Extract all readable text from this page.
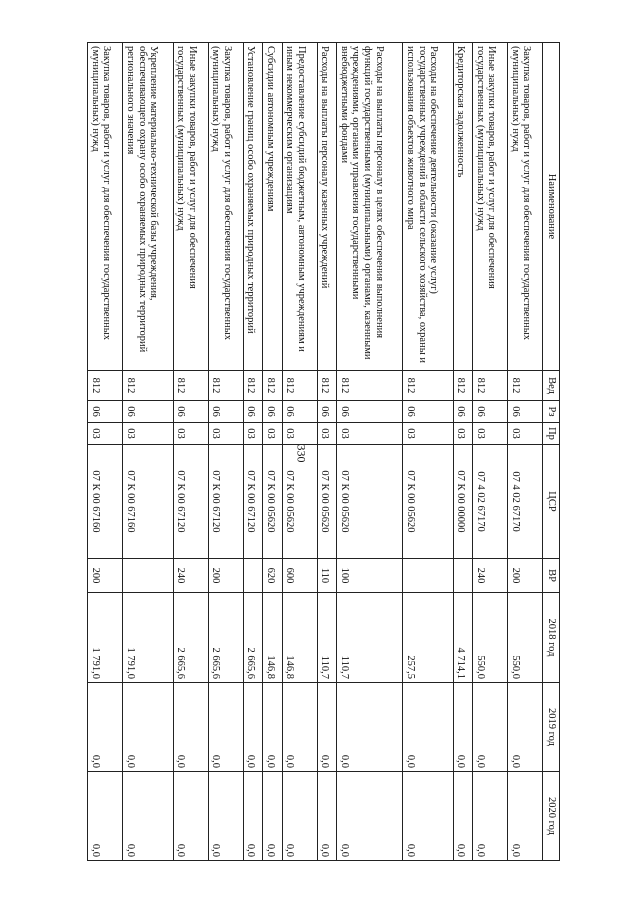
330
Наименование	Вед	Рз	Пр	ЦСР	ВР	2018 год	2019 год	2020 год
Закупка товаров, работ и услуг для обеспечения государственных (муниципальных) нужд	812	06	03	07 4 02 67170	200	550,0	0,0	0,0
Иные закупки товаров, работ и услуг для обеспечения государственных (муниципальных) нужд	812	06	03	07 4 02 67170	240	550,0	0,0	0,0
Кредиторская задолженность	812	06	03	07 К 00 00000		4 714,1	0,0	0,0
Расходы на обеспечение деятельности (оказание услуг) государственных учреждений в области сельского хозяйства, охраны и использования объектов животного мира	812	06	03	07 К 00 05620		257,5	0,0	0,0
Расходы на выплаты персоналу в целях обеспечения выполнения функций государственными (муниципальными) органами, казенными учреждениями, органами управления государственными внебюджетными фондами	812	06	03	07 К 00 05620	100	110,7	0,0	0,0
Расходы на выплаты персоналу казенных учреждений	812	06	03	07 К 00 05620	110	110,7	0,0	0,0
Предоставление субсидий бюджетным, автономным учреждениям и иным некоммерческим организациям	812	06	03	07 К 00 05620	600	146,8	0,0	0,0
Субсидии автономным учреждениям	812	06	03	07 К 00 05620	620	146,8	0,0	0,0
Установление границ особо охраняемых природных территорий	812	06	03	07 К 00 67120		2 665,6	0,0	0,0
Закупка товаров, работ и услуг для обеспечения государственных (муниципальных) нужд	812	06	03	07 К 00 67120	200	2 665,6	0,0	0,0
Иные закупки товаров, работ и услуг для обеспечения государственных (муниципальных) нужд	812	06	03	07 К 00 67120	240	2 665,6	0,0	0,0
Укрепление материально-технической базы учреждения, обеспечивающего охрану особо охраняемых природных территорий регионального значения	812	06	03	07 К 00 67160		1 791,0	0,0	0,0
Закупка товаров, работ и услуг для обеспечения государственных (муниципальных) нужд	812	06	03	07 К 00 67160	200	1 791,0	0,0	0,0
